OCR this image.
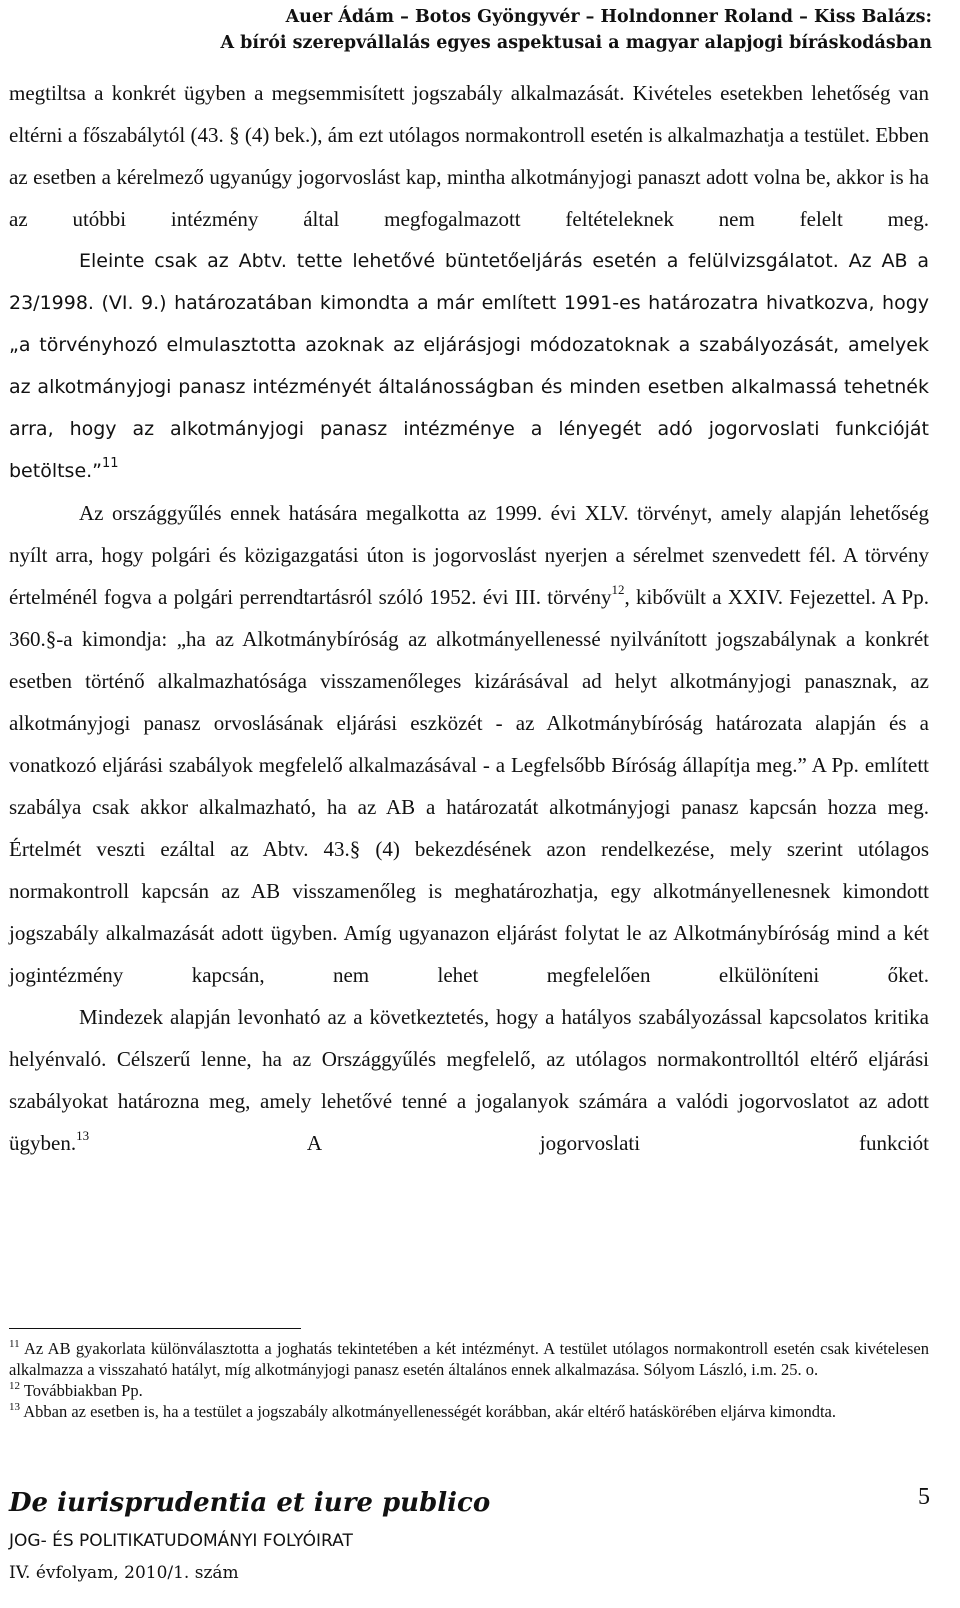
Auer Ádám – Botos Gyöngyvér – Holndonner Roland – Kiss Balázs:
A bírói szerepvállalás egyes aspektusai a magyar alapjogi bíráskodásban

megtiltsa a konkrét ügyben a megsemmisített jogszabály alkalmazását. Kivételes esetekben lehetőség van eltérni a főszabálytól (43. § (4) bek.), ám ezt utólagos normakontroll esetén is alkalmazhatja a testület. Ebben az esetben a kérelmező ugyanúgy jogorvoslást kap, mintha alkotmányjogi panaszt adott volna be, akkor is ha az utóbbi intézmény által megfogalmazott feltételeknek nem felelt meg.

Eleinte csak az Abtv. tette lehetővé büntetőeljárás esetén a felülvizsgálatot. Az AB a 23/1998. (VI. 9.) határozatában kimondta a már említett 1991-es határozatra hivatkozva, hogy „a törvényhozó elmulasztotta azoknak az eljárásjogi módozatoknak a szabályozását, amelyek az alkotmányjogi panasz intézményét általánosságban és minden esetben alkalmassá tehetnék arra, hogy az alkotmányjogi panasz intézménye a lényegét adó jogorvoslati funkcióját betöltse.”$^{11}$

Az országgyűlés ennek hatására megalkotta az 1999. évi XLV. törvényt, amely alapján lehetőség nyílt arra, hogy polgári és közigazgatási úton is jogorvoslást nyerjen a sérelmet szenvedett fél. A törvény értelménél fogva a polgári perrendtartásról szóló 1952. évi III. törvény$^{12}$, kibővült a XXIV. Fejezettel. A Pp. 360.§-a kimondja: „ha az Alkotmánybíróság az alkotmányellenessé nyilvánított jogszabálynak a konkrét esetben történő alkalmazhatósága visszamenőleges kizárásával ad helyt alkotmányjogi panasznak, az alkotmányjogi panasz orvoslásának eljárási eszközét - az Alkotmánybíróság határozata alapján és a vonatkozó eljárási szabályok megfelelő alkalmazásával - a Legfelsőbb Bíróság állapítja meg.” A Pp. említett szabálya csak akkor alkalmazható, ha az AB a határozatát alkotmányjogi panasz kapcsán hozza meg. Értelmét veszti ezáltal az Abtv. 43.§ (4) bekezdésének azon rendelkezése, mely szerint utólagos normakontroll kapcsán az AB visszamenőleg is meghatározhatja, egy alkotmányellenesnek kimondott jogszabály alkalmazását adott ügyben. Amíg ugyanazon eljárást folytat le az Alkotmánybíróság mind a két jogintézmény kapcsán, nem lehet megfelelően elkülöníteni őket.

Mindezek alapján levonható az a következtetés, hogy a hatályos szabályozással kapcsolatos kritika helyénvaló. Célszerű lenne, ha az Országgyűlés megfelelő, az utólagos normakontrolltól eltérő eljárási szabályokat határozna meg, amely lehetővé tenné a jogalanyok számára a valódi jogorvoslatot az adott ügyben.$^{13}$ A jogorvoslati funkciót

$^{11}$ Az AB gyakorlata különválasztotta a joghatás tekintetében a két intézményt. A testület utólagos normakontroll esetén csak kivételesen alkalmazza a visszaható hatályt, míg alkotmányjogi panasz esetén általános ennek alkalmazása. Sólyom László, i.m. 25. o.

$^{12}$ Továbbiakban Pp.

$^{13}$ Abban az esetben is, ha a testület a jogszabály alkotmányellenességét korábban, akár eltérő hatáskörében eljárva kimondta.

De iurisprudentia et iure publico	5
JOG- ÉS POLITIKATUDOMÁNYI FOLYÓIRAT
IV. évfolyam, 2010/1. szám
